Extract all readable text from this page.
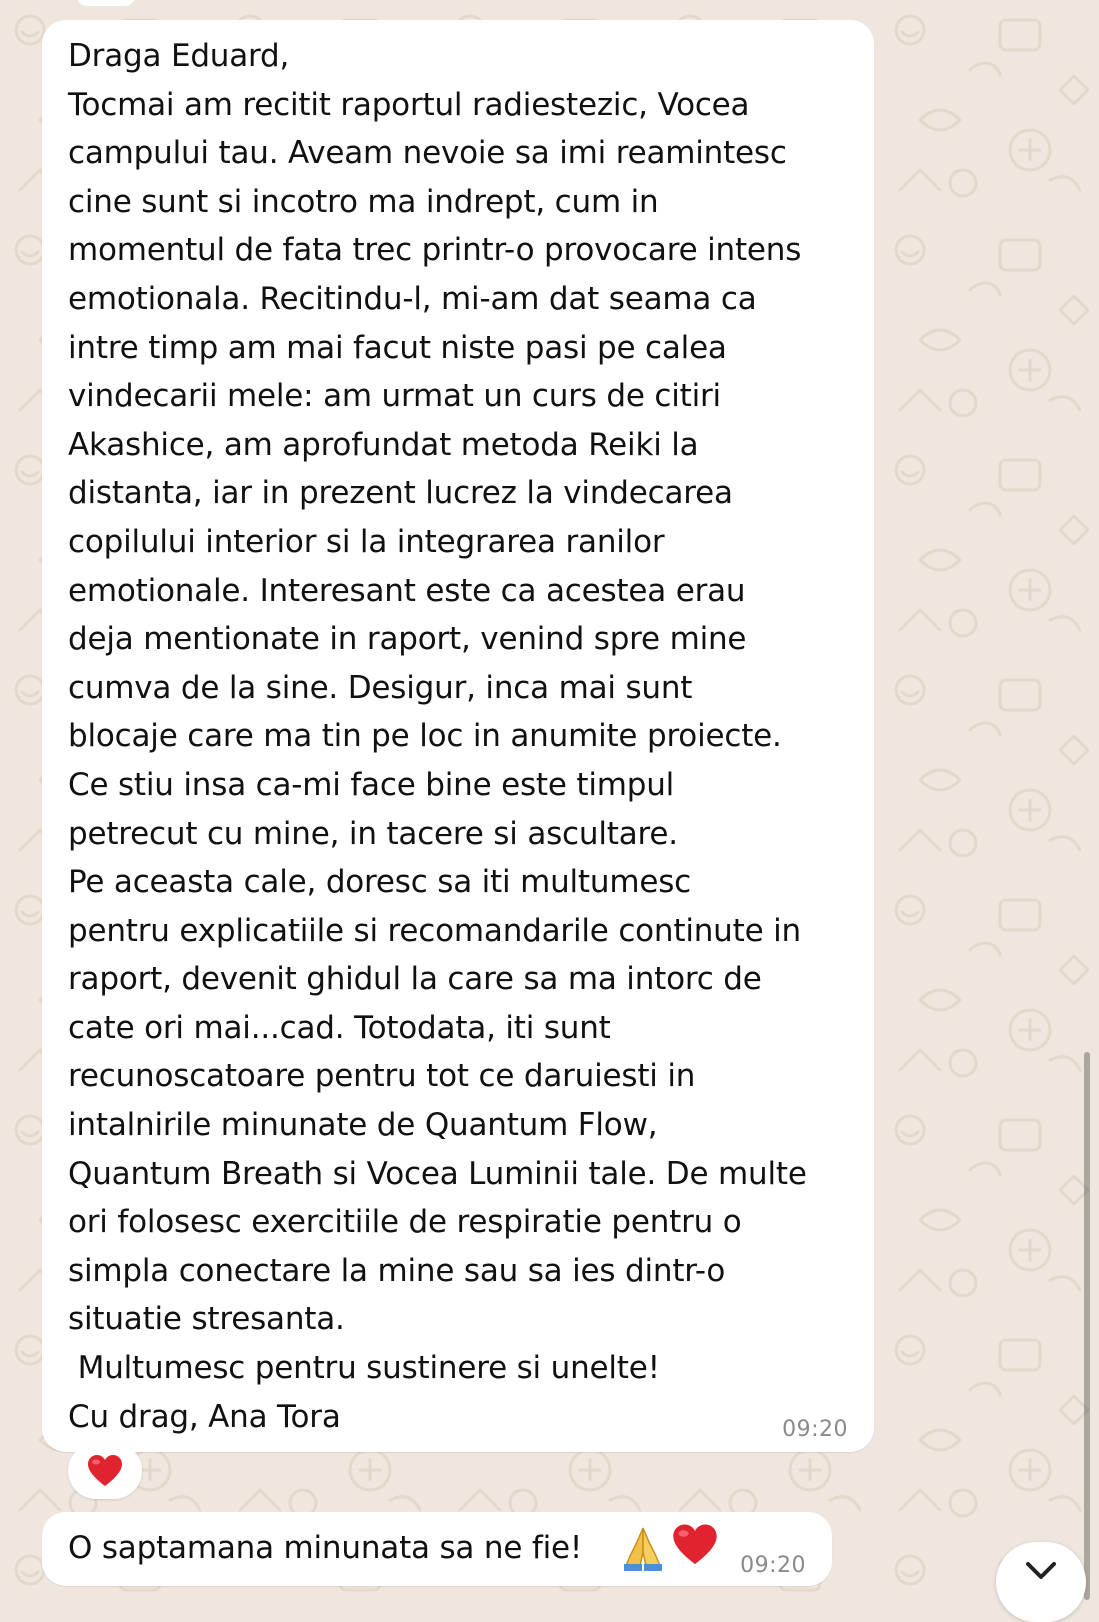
Draga Eduard,
Tocmai am recitit raportul radiestezic, Vocea
campului tau. Aveam nevoie sa imi reamintesc
cine sunt si incotro ma indrept, cum in
momentul de fata trec printr-o provocare intens
emotionala. Recitindu-l, mi-am dat seama ca
intre timp am mai facut niste pasi pe calea
vindecarii mele: am urmat un curs de citiri
Akashice, am aprofundat metoda Reiki la
distanta, iar in prezent lucrez la vindecarea
copilului interior si la integrarea ranilor
emotionale. Interesant este ca acestea erau
deja mentionate in raport, venind spre mine
cumva de la sine. Desigur, inca mai sunt
blocaje care ma tin pe loc in anumite proiecte.
Ce stiu insa ca-mi face bine este timpul
petrecut cu mine, in tacere si ascultare.
Pe aceasta cale, doresc sa iti multumesc
pentru explicatiile si recomandarile continute in
raport, devenit ghidul la care sa ma intorc de
cate ori mai...cad. Totodata, iti sunt
recunoscatoare pentru tot ce daruiesti in
intalnirile minunate de Quantum Flow,
Quantum Breath si Vocea Luminii tale. De multe
ori folosesc exercitiile de respiratie pentru o
simpla conectare la mine sau sa ies dintr-o
situatie stresanta.
Multumesc pentru sustinere si unelte!
Cu drag, Ana Tora	09:20
O saptamana minunata sa ne fie!	09:20
